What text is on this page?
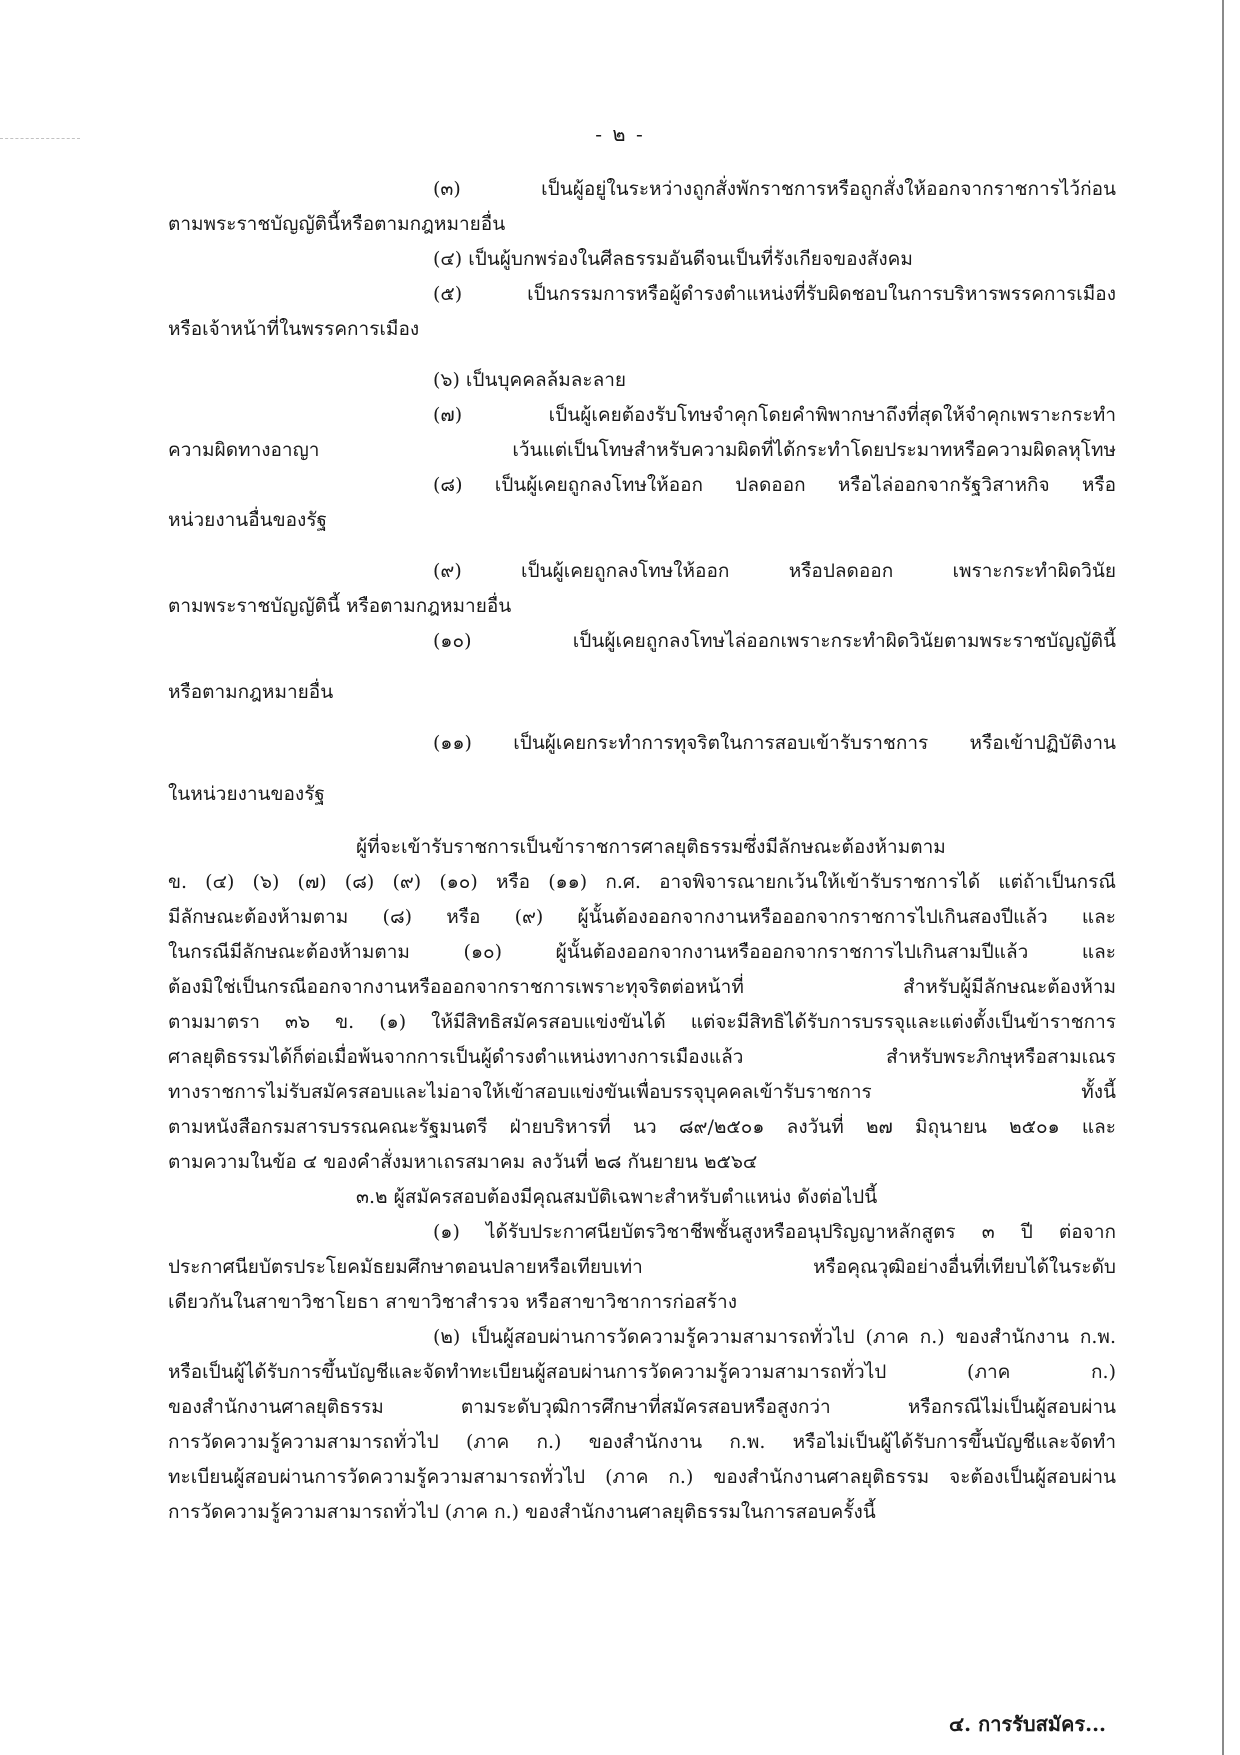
- ๒ -
(๓) เป็นผู้อยู่ในระหว่างถูกสั่งพักราชการหรือถูกสั่งให้ออกจากราชการไว้ก่อน
ตามพระราชบัญญัตินี้หรือตามกฎหมายอื่น
(๔) เป็นผู้บกพร่องในศีลธรรมอันดีจนเป็นที่รังเกียจของสังคม
(๕) เป็นกรรมการหรือผู้ดำรงตำแหน่งที่รับผิดชอบในการบริหารพรรคการเมือง
หรือเจ้าหน้าที่ในพรรคการเมือง
(๖) เป็นบุคคลล้มละลาย
(๗) เป็นผู้เคยต้องรับโทษจำคุกโดยคำพิพากษาถึงที่สุดให้จำคุกเพราะกระทำ
ความผิดทางอาญา เว้นแต่เป็นโทษสำหรับความผิดที่ได้กระทำโดยประมาทหรือความผิดลหุโทษ
(๘) เป็นผู้เคยถูกลงโทษให้ออก ปลดออก หรือไล่ออกจากรัฐวิสาหกิจ หรือ
หน่วยงานอื่นของรัฐ
(๙) เป็นผู้เคยถูกลงโทษให้ออก หรือปลดออก เพราะกระทำผิดวินัย
ตามพระราชบัญญัตินี้ หรือตามกฎหมายอื่น
(๑๐) เป็นผู้เคยถูกลงโทษไล่ออกเพราะกระทำผิดวินัยตามพระราชบัญญัตินี้
หรือตามกฎหมายอื่น
(๑๑) เป็นผู้เคยกระทำการทุจริตในการสอบเข้ารับราชการ หรือเข้าปฏิบัติงาน
ในหน่วยงานของรัฐ
ผู้ที่จะเข้ารับราชการเป็นข้าราชการศาลยุติธรรมซึ่งมีลักษณะต้องห้ามตาม
ข. (๔) (๖) (๗) (๘) (๙) (๑๐) หรือ (๑๑) ก.ศ. อาจพิจารณายกเว้นให้เข้ารับราชการได้ แต่ถ้าเป็นกรณี
มีลักษณะต้องห้ามตาม (๘) หรือ (๙) ผู้นั้นต้องออกจากงานหรือออกจากราชการไปเกินสองปีแล้ว และ
ในกรณีมีลักษณะต้องห้ามตาม (๑๐) ผู้นั้นต้องออกจากงานหรือออกจากราชการไปเกินสามปีแล้ว และ
ต้องมิใช่เป็นกรณีออกจากงานหรือออกจากราชการเพราะทุจริตต่อหน้าที่ สำหรับผู้มีลักษณะต้องห้าม
ตามมาตรา ๓๖ ข. (๑) ให้มีสิทธิสมัครสอบแข่งขันได้ แต่จะมีสิทธิได้รับการบรรจุและแต่งตั้งเป็นข้าราชการ
ศาลยุติธรรมได้ก็ต่อเมื่อพ้นจากการเป็นผู้ดำรงตำแหน่งทางการเมืองแล้ว สำหรับพระภิกษุหรือสามเณร
ทางราชการไม่รับสมัครสอบและไม่อาจให้เข้าสอบแข่งขันเพื่อบรรจุบุคคลเข้ารับราชการ ทั้งนี้
ตามหนังสือกรมสารบรรณคณะรัฐมนตรี ฝ่ายบริหารที่ นว ๘๙/๒๕๐๑ ลงวันที่ ๒๗ มิถุนายน ๒๕๐๑ และ
ตามความในข้อ ๔ ของคำสั่งมหาเถรสมาคม ลงวันที่ ๒๘ กันยายน ๒๕๖๔
๓.๒ ผู้สมัครสอบต้องมีคุณสมบัติเฉพาะสำหรับตำแหน่ง ดังต่อไปนี้
(๑) ได้รับประกาศนียบัตรวิชาชีพชั้นสูงหรืออนุปริญญาหลักสูตร ๓ ปี ต่อจาก
ประกาศนียบัตรประโยคมัธยมศึกษาตอนปลายหรือเทียบเท่า หรือคุณวุฒิอย่างอื่นที่เทียบได้ในระดับ
เดียวกันในสาขาวิชาโยธา สาขาวิชาสำรวจ หรือสาขาวิชาการก่อสร้าง
(๒) เป็นผู้สอบผ่านการวัดความรู้ความสามารถทั่วไป (ภาค ก.) ของสำนักงาน ก.พ.
หรือเป็นผู้ได้รับการขึ้นบัญชีและจัดทำทะเบียนผู้สอบผ่านการวัดความรู้ความสามารถทั่วไป (ภาค ก.)
ของสำนักงานศาลยุติธรรม ตามระดับวุฒิการศึกษาที่สมัครสอบหรือสูงกว่า หรือกรณีไม่เป็นผู้สอบผ่าน
การวัดความรู้ความสามารถทั่วไป (ภาค ก.) ของสำนักงาน ก.พ. หรือไม่เป็นผู้ได้รับการขึ้นบัญชีและจัดทำ
ทะเบียนผู้สอบผ่านการวัดความรู้ความสามารถทั่วไป (ภาค ก.) ของสำนักงานศาลยุติธรรม จะต้องเป็นผู้สอบผ่าน
การวัดความรู้ความสามารถทั่วไป (ภาค ก.) ของสำนักงานศาลยุติธรรมในการสอบครั้งนี้
๔. การรับสมัคร...
